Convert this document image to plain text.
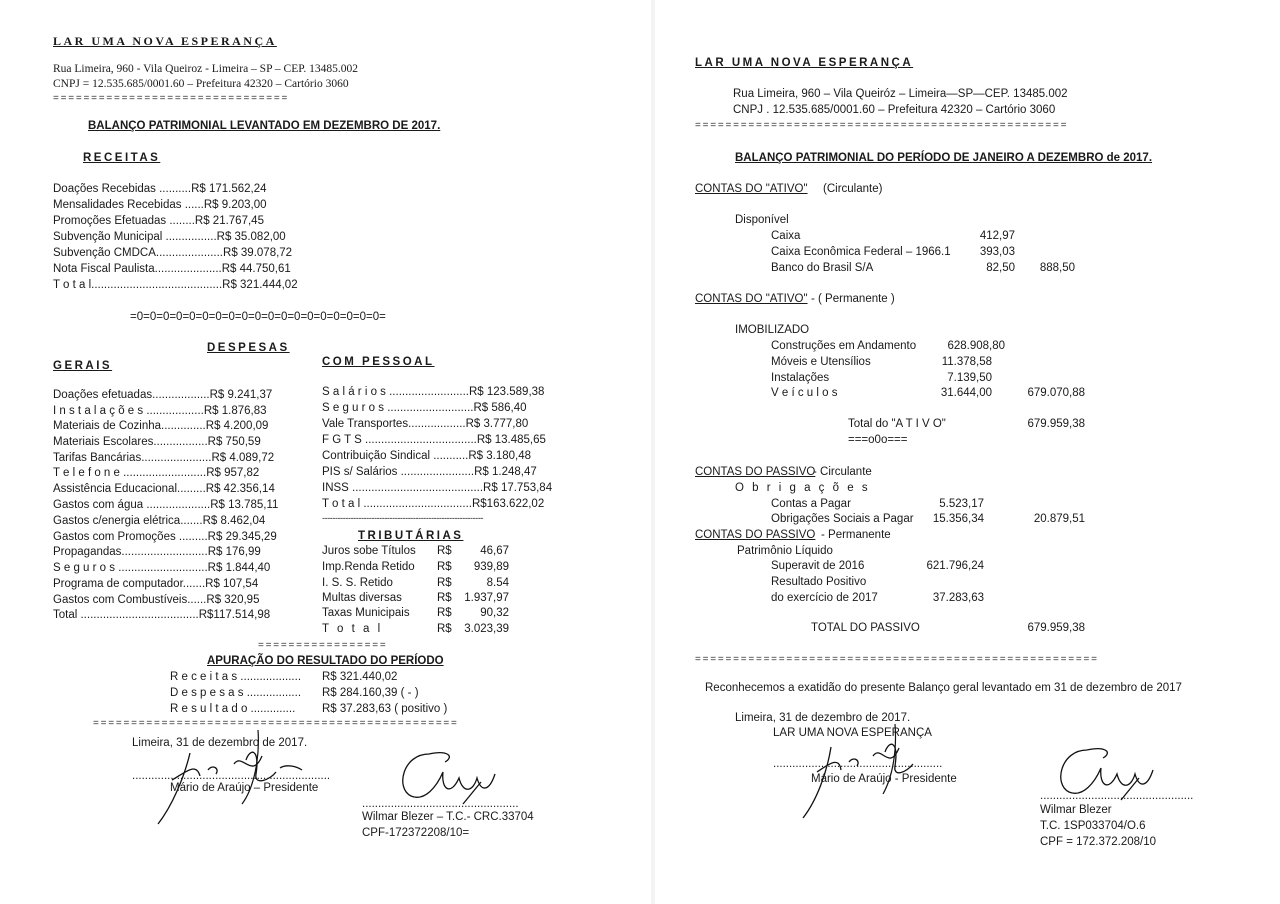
LAR UMA NOVA ESPERANÇA
Rua Limeira, 960 - Vila Queiroz - Limeira – SP – CEP. 13485.002
CNPJ = 12.535.685/0001.60 – Prefeitura 42320 – Cartório 3060
= = = = = = = = = = = = = = = = = = = = = = = = = = = = = = =
BALANÇO PATRIMONIAL LEVANTADO EM DEZEMBRO DE 2017.
RECEITAS
Doações Recebidas ..........R$ 171.562,24
Mensalidades Recebidas ......R$ 9.203,00
Promoções Efetuadas ........R$ 21.767,45
Subvenção Municipal ................R$ 35.082,00
Subvenção CMDCA.....................R$ 39.078,72
Nota Fiscal Paulista.....................R$ 44.750,61
T o t a l.........................................R$ 321.444,02
=0=0=0=0=0=0=0=0=0=0=0=0=0=0=0=0=0=0=0=
DESPESAS
GERAIS	COM PESSOAL
Doações efetuadas..................R$ 9.241,37
I n s t a l a ç õ e s ..................R$ 1.876,83
Materiais de Cozinha..............R$ 4.200,09
Materiais Escolares.................R$ 750,59
Tarifas Bancárias......................R$ 4.089,72
T e l e f o n e ..........................R$ 957,82
Assistência Educacional.........R$ 42.356,14
Gastos com água ....................R$ 13.785,11
Gastos c/energia elétrica.......R$ 8.462,04
Gastos com Promoções .........R$ 29.345,29
Propagandas...........................R$ 176,99
S e g u r o s ............................R$ 1.844,40
Programa de computador.......R$ 107,54
Gastos com Combustíveis......R$ 320,95
Total .....................................R$117.514,98
S a l á r i o s .........................R$ 123.589,38
S e g u r o s ...........................R$ 586,40
Vale Transportes..................R$ 3.777,80
F G T S ...................................R$ 13.485,65
Contribuição Sindical ...........R$ 3.180,48
PIS s/ Salários .......................R$ 1.248,47
INSS .........................................R$ 17.753,84
T o t a l ..................................R$163.622,02
--------------------------------------------------------------
TRIBUTÁRIAS
Juros sobe Títulos R$	46,67
Imp.Renda Retido R$	939,89
I. S. S. Retido	R$	8.54
Multas diversas	R$	1.937,97
Taxas Municipais R$	90,32
T o t a l	R$	3.023,39
= = = = = = = = = = = = = = = = =
APURAÇÃO DO RESULTADO DO PERÍODO
R e c e i t a s ................... R$ 321.440,02
D e s p e s a s ................. R$ 284.160,39 ( - )
R e s u l t a d o .............. R$ 37.283,63 ( positivo )
= = = = = = = = = = = = = = = = = = = = = = = = = = = = = = = = = = = = = = = = = = = = = = = =
Limeira, 31 de dezembro de 2017.
..............................................................
Mário de Araújo – Presidente
.................................................
Wilmar Blezer – T.C.- CRC.33704
CPF-172372208/10=
LAR UMA NOVA ESPERANÇA
Rua Limeira, 960 – Vila Queiróz – Limeira—SP—CEP. 13485.002
CNPJ . 12.535.685/0001.60 – Prefeitura 42320 – Cartório 3060
= = = = = = = = = = = = = = = = = = = = = = = = = = = = = = = = = = = = = = = = = = = = = = = = =
BALANÇO PATRIMONIAL DO PERÍODO DE JANEIRO A DEZEMBRO de 2017.
CONTAS DO "ATIVO" (Circulante)
Disponível
Caixa	412,97
Caixa Econômica Federal – 1966.1	393,03
Banco do Brasil S/A	82,50	888,50
CONTAS DO "ATIVO" - ( Permanente )
IMOBILIZADO
Construções em Andamento	628.908,80
Móveis e Utensílios	11.378,58
Instalações	7.139,50
V e í c u l o s	31.644,00	679.070,88
Total do "A T I V O"	679.959,38
===o0o===
CONTAS DO PASSIVO
- Circulante
O b r i g a ç õ e s
Contas a Pagar	5.523,17
Obrigações Sociais a Pagar	15.356,34	20.879,51
CONTAS DO PASSIVO - Permanente
Patrimônio Líquido
Superavit de 2016	621.796,24
Resultado Positivo
do exercício de 2017	37.283,63
TOTAL DO PASSIVO	679.959,38
= = = = = = = = = = = = = = = = = = = = = = = = = = = = = = = = = = = = = = = = = = = = = = = = = = = = =
Reconhecemos a exatidão do presente Balanço geral levantado em 31 de dezembro de 2017
Limeira, 31 de dezembro de 2017.
LAR UMA NOVA ESPERANÇA
.....................................................
Mário de Araújo - Presidente
................................................
Wilmar Blezer
T.C. 1SP033704/O.6
CPF = 172.372.208/10
